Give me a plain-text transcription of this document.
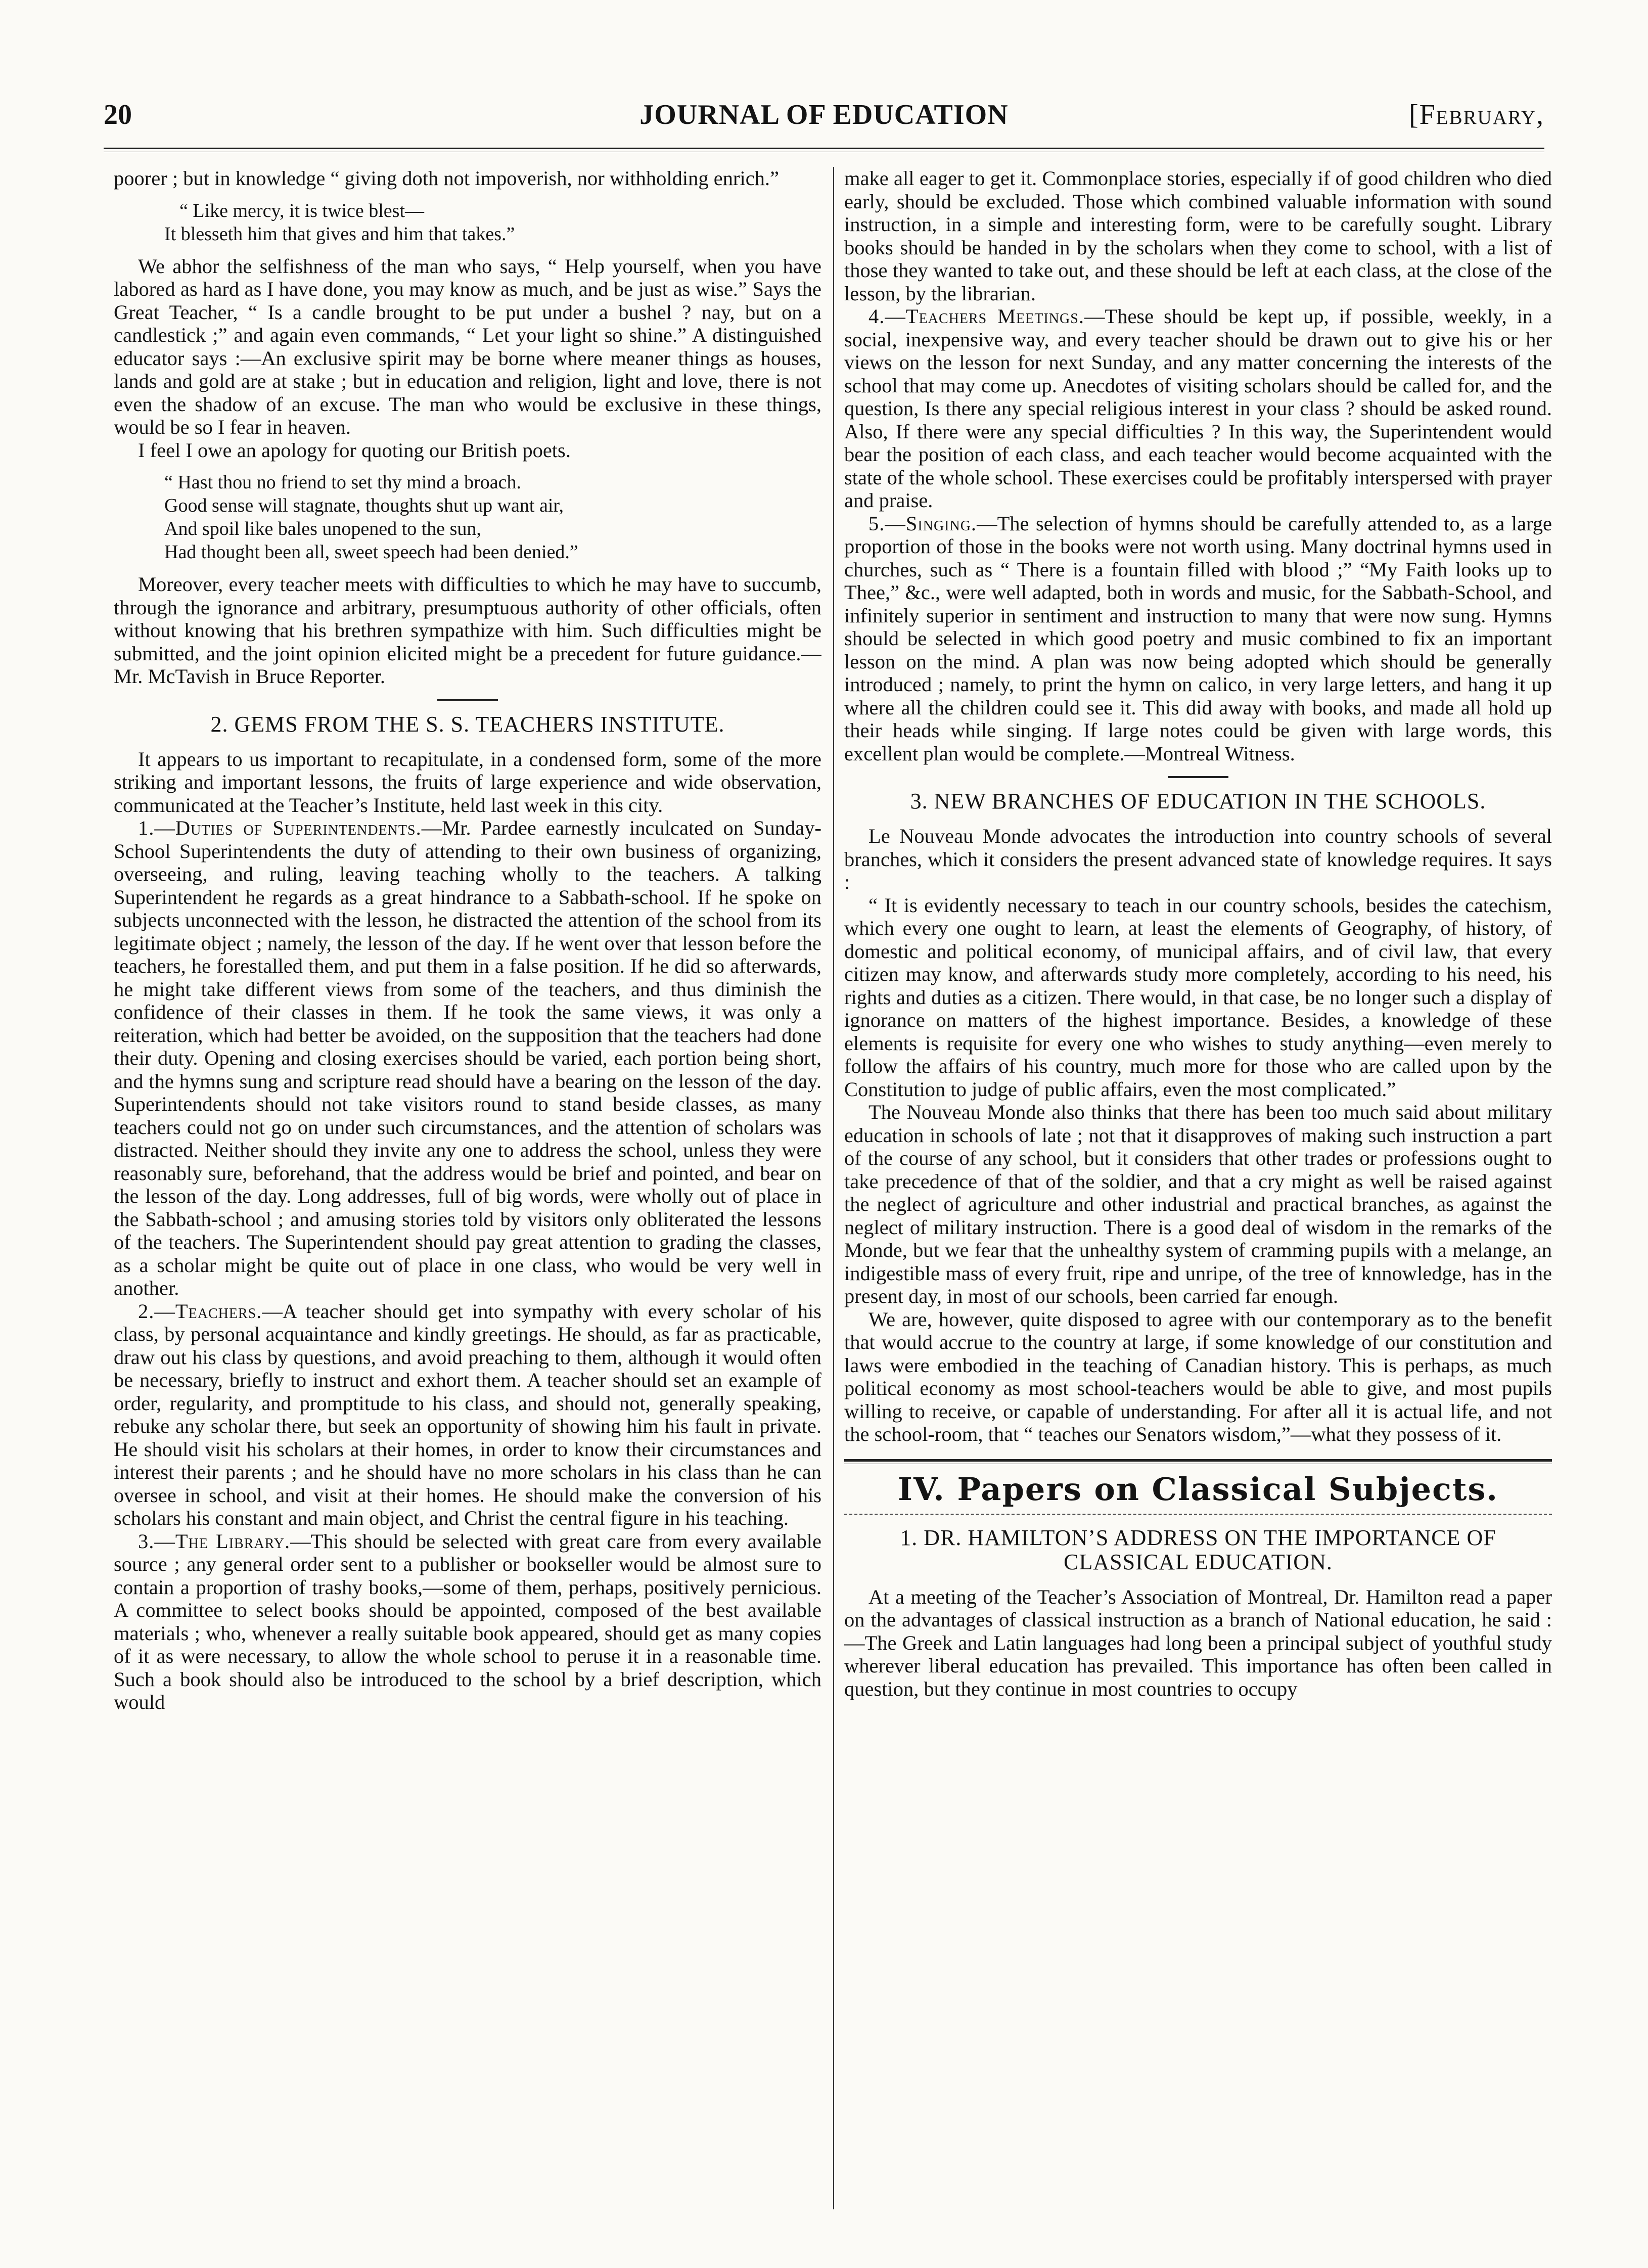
20	JOURNAL OF EDUCATION	[February,

poorer ; but in knowledge “ giving doth not impoverish, nor withholding enrich.”

“ Like mercy, it is twice blest—
It blesseth him that gives and him that takes.”

We abhor the selfishness of the man who says, “ Help yourself, when you have labored as hard as I have done, you may know as much, and be just as wise.” Says the Great Teacher, “ Is a candle brought to be put under a bushel ? nay, but on a candlestick ;” and again even commands, “ Let your light so shine.” A distinguished educator says :—An exclusive spirit may be borne where meaner things as houses, lands and gold are at stake ; but in education and religion, light and love, there is not even the shadow of an excuse. The man who would be exclusive in these things, would be so I fear in heaven.

I feel I owe an apology for quoting our British poets.

“ Hast thou no friend to set thy mind a broach.
Good sense will stagnate, thoughts shut up want air,
And spoil like bales unopened to the sun,
Had thought been all, sweet speech had been denied.”

Moreover, every teacher meets with difficulties to which he may have to succumb, through the ignorance and arbitrary, presumptuous authority of other officials, often without knowing that his brethren sympathize with him. Such difficulties might be submitted, and the joint opinion elicited might be a precedent for future guidance.—Mr. McTavish in Bruce Reporter.

2. GEMS FROM THE S. S. TEACHERS INSTITUTE.

It appears to us important to recapitulate, in a condensed form, some of the more striking and important lessons, the fruits of large experience and wide observation, communicated at the Teacher’s Institute, held last week in this city.

1.—Duties of Superintendents.—Mr. Pardee earnestly inculcated on Sunday-School Superintendents the duty of attending to their own business of organizing, overseeing, and ruling, leaving teaching wholly to the teachers. A talking Superintendent he regards as a great hindrance to a Sabbath-school. If he spoke on subjects unconnected with the lesson, he distracted the attention of the school from its legitimate object ; namely, the lesson of the day. If he went over that lesson before the teachers, he forestalled them, and put them in a false position. If he did so afterwards, he might take different views from some of the teachers, and thus diminish the confidence of their classes in them. If he took the same views, it was only a reiteration, which had better be avoided, on the supposition that the teachers had done their duty. Opening and closing exercises should be varied, each portion being short, and the hymns sung and scripture read should have a bearing on the lesson of the day. Superintendents should not take visitors round to stand beside classes, as many teachers could not go on under such circumstances, and the attention of scholars was distracted. Neither should they invite any one to address the school, unless they were reasonably sure, beforehand, that the address would be brief and pointed, and bear on the lesson of the day. Long addresses, full of big words, were wholly out of place in the Sabbath-school ; and amusing stories told by visitors only obliterated the lessons of the teachers. The Superintendent should pay great attention to grading the classes, as a scholar might be quite out of place in one class, who would be very well in another.

2.—Teachers.—A teacher should get into sympathy with every scholar of his class, by personal acquaintance and kindly greetings. He should, as far as practicable, draw out his class by questions, and avoid preaching to them, although it would often be necessary, briefly to instruct and exhort them. A teacher should set an example of order, regularity, and promptitude to his class, and should not, generally speaking, rebuke any scholar there, but seek an opportunity of showing him his fault in private. He should visit his scholars at their homes, in order to know their circumstances and interest their parents ; and he should have no more scholars in his class than he can oversee in school, and visit at their homes. He should make the conversion of his scholars his constant and main object, and Christ the central figure in his teaching.

3.—The Library.—This should be selected with great care from every available source ; any general order sent to a publisher or bookseller would be almost sure to contain a proportion of trashy books,—some of them, perhaps, positively pernicious. A committee to select books should be appointed, composed of the best available materials ; who, whenever a really suitable book appeared, should get as many copies of it as were necessary, to allow the whole school to peruse it in a reasonable time. Such a book should also be introduced to the school by a brief description, which would

make all eager to get it. Commonplace stories, especially if of good children who died early, should be excluded. Those which combined valuable information with sound instruction, in a simple and interesting form, were to be carefully sought. Library books should be handed in by the scholars when they come to school, with a list of those they wanted to take out, and these should be left at each class, at the close of the lesson, by the librarian.

4.—Teachers Meetings.—These should be kept up, if possible, weekly, in a social, inexpensive way, and every teacher should be drawn out to give his or her views on the lesson for next Sunday, and any matter concerning the interests of the school that may come up. Anecdotes of visiting scholars should be called for, and the question, Is there any special religious interest in your class ? should be asked round. Also, If there were any special difficulties ? In this way, the Superintendent would bear the position of each class, and each teacher would become acquainted with the state of the whole school. These exercises could be profitably interspersed with prayer and praise.

5.—Singing.—The selection of hymns should be carefully attended to, as a large proportion of those in the books were not worth using. Many doctrinal hymns used in churches, such as “ There is a fountain filled with blood ;” “My Faith looks up to Thee,” &c., were well adapted, both in words and music, for the Sabbath-School, and infinitely superior in sentiment and instruction to many that were now sung. Hymns should be selected in which good poetry and music combined to fix an important lesson on the mind. A plan was now being adopted which should be generally introduced ; namely, to print the hymn on calico, in very large letters, and hang it up where all the children could see it. This did away with books, and made all hold up their heads while singing. If large notes could be given with large words, this excellent plan would be complete.—Montreal Witness.

3. NEW BRANCHES OF EDUCATION IN THE SCHOOLS.

Le Nouveau Monde advocates the introduction into country schools of several branches, which it considers the present advanced state of knowledge requires. It says :

“ It is evidently necessary to teach in our country schools, besides the catechism, which every one ought to learn, at least the elements of Geography, of history, of domestic and political economy, of municipal affairs, and of civil law, that every citizen may know, and afterwards study more completely, according to his need, his rights and duties as a citizen. There would, in that case, be no longer such a display of ignorance on matters of the highest importance. Besides, a knowledge of these elements is requisite for every one who wishes to study anything—even merely to follow the affairs of his country, much more for those who are called upon by the Constitution to judge of public affairs, even the most complicated.”

The Nouveau Monde also thinks that there has been too much said about military education in schools of late ; not that it disapproves of making such instruction a part of the course of any school, but it considers that other trades or professions ought to take precedence of that of the soldier, and that a cry might as well be raised against the neglect of agriculture and other industrial and practical branches, as against the neglect of military instruction. There is a good deal of wisdom in the remarks of the Monde, but we fear that the unhealthy system of cramming pupils with a melange, an indigestible mass of every fruit, ripe and unripe, of the tree of knnowledge, has in the present day, in most of our schools, been carried far enough.

We are, however, quite disposed to agree with our contemporary as to the benefit that would accrue to the country at large, if some knowledge of our constitution and laws were embodied in the teaching of Canadian history. This is perhaps, as much political economy as most school-teachers would be able to give, and most pupils willing to receive, or capable of understanding. For after all it is actual life, and not the school-room, that “ teaches our Senators wisdom,”—what they possess of it.

IV. Papers on Classical Subjects.
1. DR. HAMILTON’S ADDRESS ON THE IMPORTANCE OF CLASSICAL EDUCATION.

At a meeting of the Teacher’s Association of Montreal, Dr. Hamilton read a paper on the advantages of classical instruction as a branch of National education, he said :—The Greek and Latin languages had long been a principal subject of youthful study wherever liberal education has prevailed. This importance has often been called in question, but they continue in most countries to occupy
